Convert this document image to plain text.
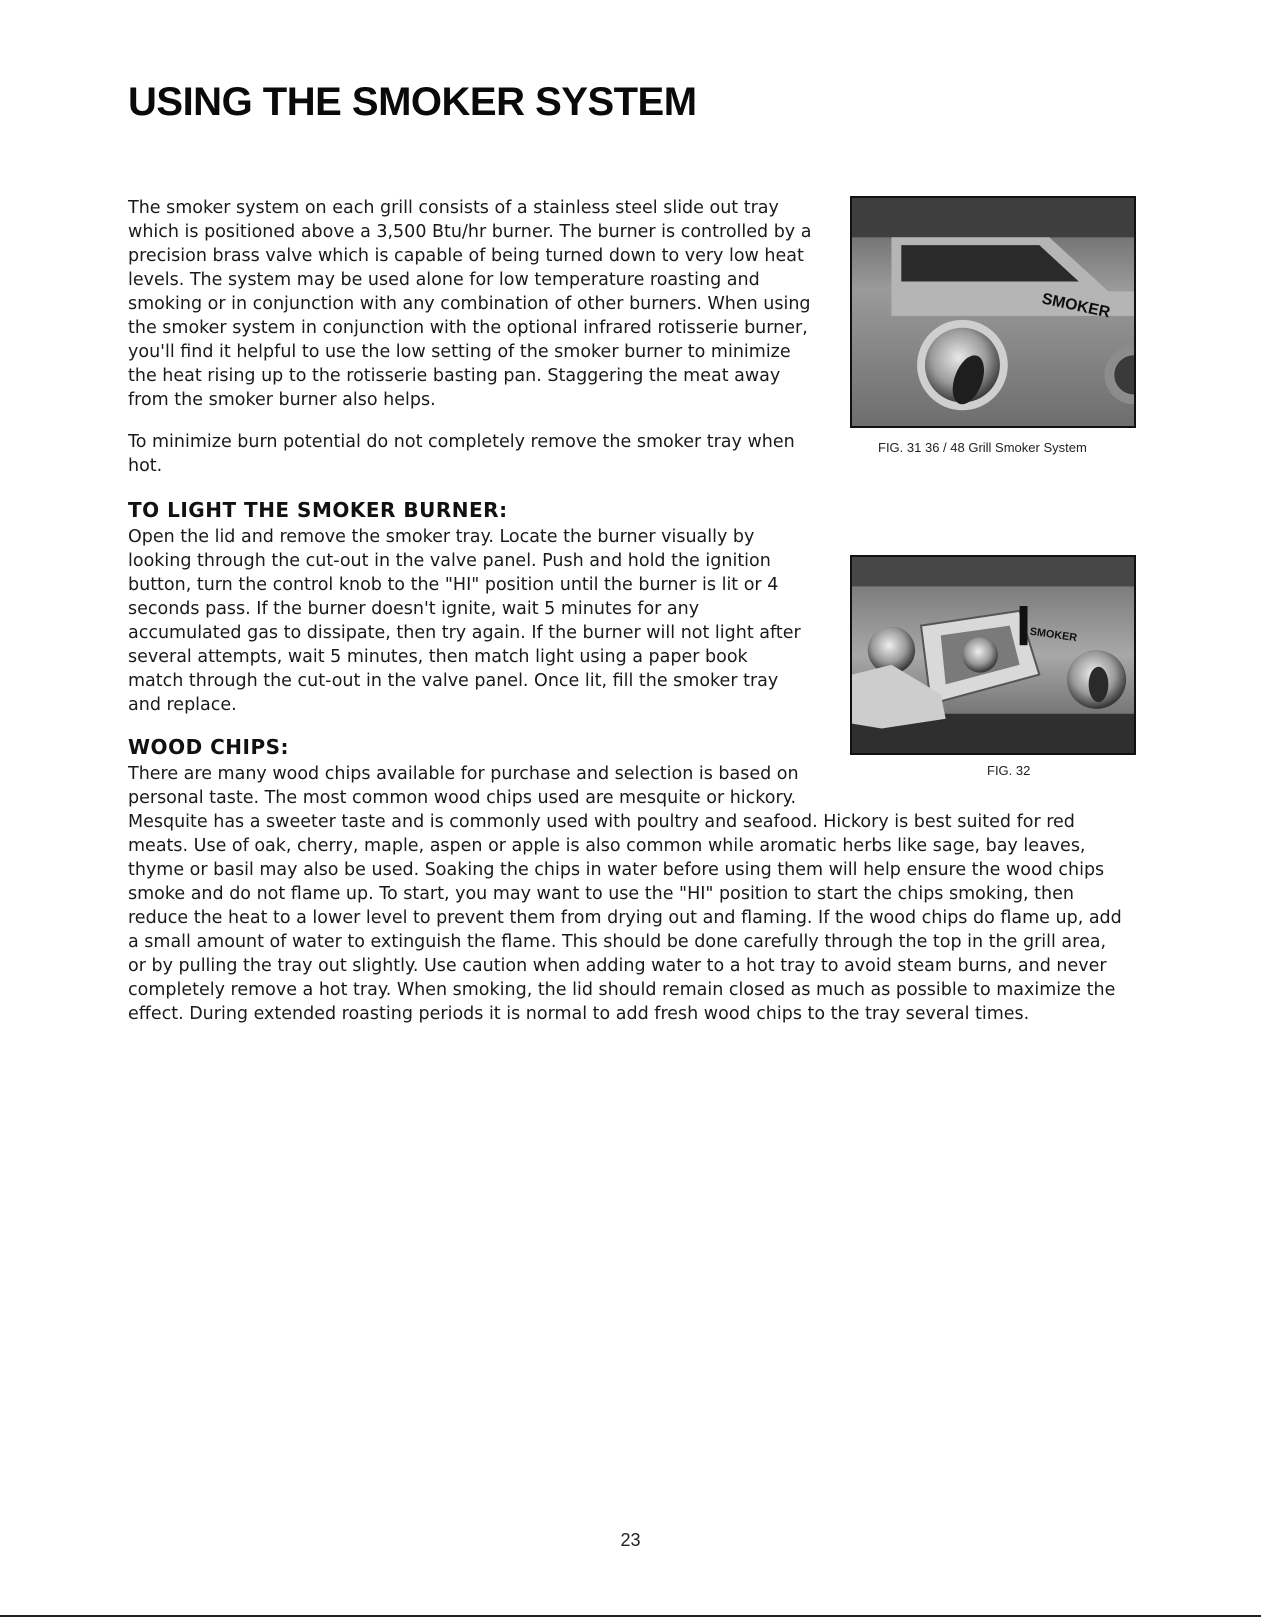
USING THE SMOKER SYSTEM

The smoker system on each grill consists of a stainless steel slide out tray which is positioned above a 3,500 Btu/hr burner. The burner is controlled by a precision brass valve which is capable of being turned down to very low heat levels. The system may be used alone for low temperature roasting and smoking or in conjunction with any combination of other burners. When using the smoker system in conjunction with the optional infrared rotisserie burner, you'll find it helpful to use the low setting of the smoker burner to minimize the heat rising up to the rotisserie basting pan. Staggering the meat away from the smoker burner also helps.

To minimize burn potential do not completely remove the smoker tray when hot.

TO LIGHT THE SMOKER BURNER:

Open the lid and remove the smoker tray. Locate the burner visually by looking through the cut-out in the valve panel. Push and hold the ignition button, turn the control knob to the "HI" position until the burner is lit or 4 seconds pass. If the burner doesn't ignite, wait 5 minutes for any accumulated gas to dissipate, then try again. If the burner will not light after several attempts, wait 5 minutes, then match light using a paper book match through the cut-out in the valve panel. Once lit, fill the smoker tray and replace.

WOOD CHIPS:

There are many wood chips available for purchase and selection is based on personal taste. The most common wood chips used are mesquite or hickory.

Mesquite has a sweeter taste and is commonly used with poultry and seafood. Hickory is best suited for red meats. Use of oak, cherry, maple, aspen or apple is also common while aromatic herbs like sage, bay leaves, thyme or basil may also be used. Soaking the chips in water before using them will help ensure the wood chips smoke and do not flame up. To start, you may want to use the "HI" position to start the chips smoking, then reduce the heat to a lower level to prevent them from drying out and flaming. If the wood chips do flame up, add a small amount of water to extinguish the flame. This should be done carefully through the top in the grill area, or by pulling the tray out slightly. Use caution when adding water to a hot tray to avoid steam burns, and never completely remove a hot tray. When smoking, the lid should remain closed as much as possible to maximize the effect. During extended roasting periods it is normal to add fresh wood chips to the tray several times.

SMOKER

FIG. 31 36 / 48 Grill Smoker System

SMOKER

FIG. 32

23
